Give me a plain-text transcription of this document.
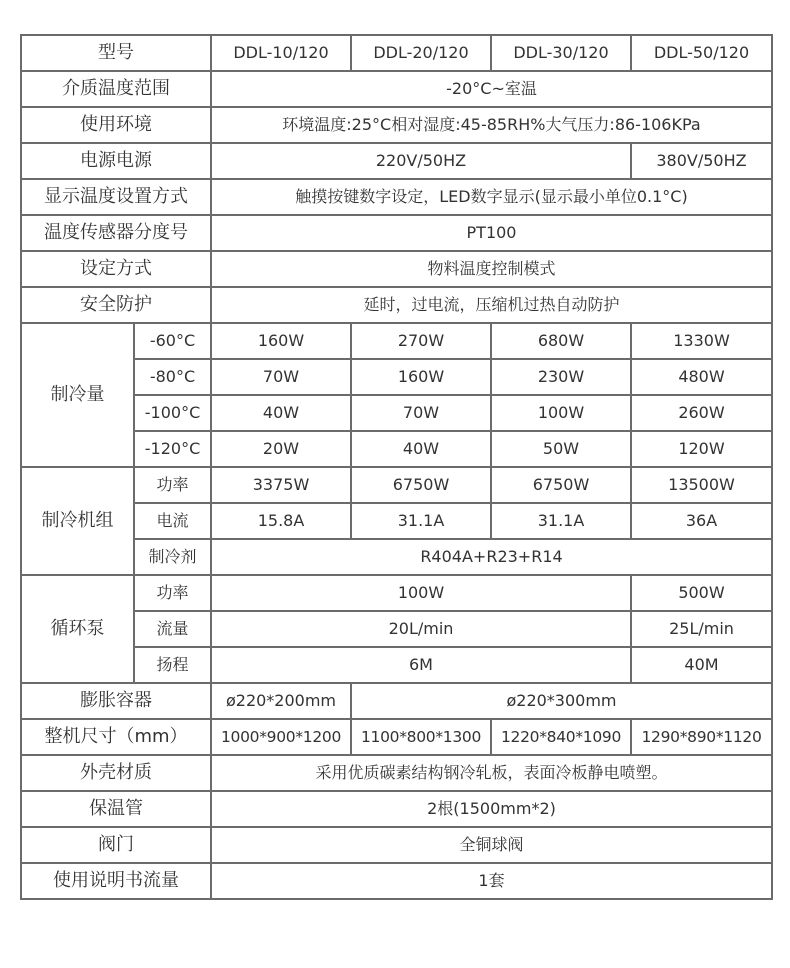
型号		DDL-10/120	DDL-20/120	DDL-30/120	DDL-50/120
介质温度范围		-20°C~室温			
使用环境		环境温度:25°C相对湿度:45-85RH%大气压力:86-106KPa			
电源电源		220V/50HZ			380V/50HZ
显示温度设置方式		触摸按键数字设定，LED数字显示(显示最小单位0.1°C)			
温度传感器分度号		PT100			
设定方式		物料温度控制模式			
安全防护		延时，过电流，压缩机过热自动防护			
制冷量	-60°C	160W	270W	680W	1330W
	-80°C	70W	160W	230W	480W
	-100°C	40W	70W	100W	260W
	-120°C	20W	40W	50W	120W
制冷机组	功率	3375W	6750W	6750W	13500W
	电流	15.8A	31.1A	31.1A	36A
	制冷剂	R404A+R23+R14			
循环泵	功率	100W			500W
	流量	20L/min			25L/min
	扬程	6M			40M
膨胀容器		ø220*200mm	ø220*300mm		
整机尺寸（mm）		1000*900*1200	1100*800*1300	1220*840*1090	1290*890*1120
外壳材质		采用优质碳素结构钢冷轧板，表面冷板静电喷塑。			
保温管		2根(1500mm*2)			
阀门		全铜球阀			
使用说明书流量		1套			
